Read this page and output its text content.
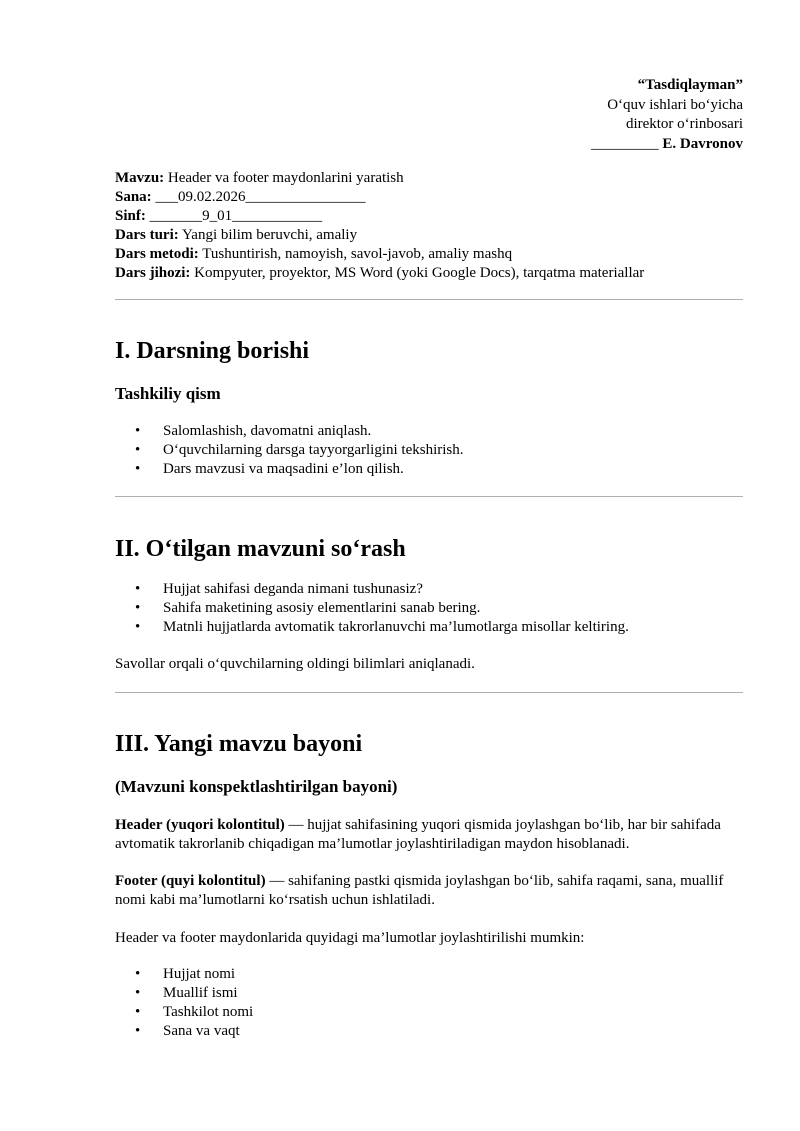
“Tasdiqlayman”
O‘quv ishlari bo‘yicha
direktor o‘rinbosari
_________ E. Davronov
Mavzu: Header va footer maydonlarini yaratish
Sana: ___09.02.2026________________
Sinf: _______9_01____________
Dars turi: Yangi bilim beruvchi, amaliy
Dars metodi: Tushuntirish, namoyish, savol-javob, amaliy mashq
Dars jihozi: Kompyuter, proyektor, MS Word (yoki Google Docs), tarqatma materiallar
I. Darsning borishi
Tashkiliy qism
• Salomlashish, davomatni aniqlash.
• O‘quvchilarning darsga tayyorgarligini tekshirish.
• Dars mavzusi va maqsadini e’lon qilish.
II. O‘tilgan mavzuni so‘rash
• Hujjat sahifasi deganda nimani tushunasiz?
• Sahifa maketining asosiy elementlarini sanab bering.
• Matnli hujjatlarda avtomatik takrorlanuvchi ma’lumotlarga misollar keltiring.

Savollar orqali o‘quvchilarning oldingi bilimlari aniqlanadi.

III. Yangi mavzu bayoni
(Mavzuni konspektlashtirilgan bayoni)

Header (yuqori kolontitul) — hujjat sahifasining yuqori qismida joylashgan bo‘lib, har bir sahifada avtomatik takrorlanib chiqadigan ma’lumotlar joylashtiriladigan maydon hisoblanadi.

Footer (quyi kolontitul) — sahifaning pastki qismida joylashgan bo‘lib, sahifa raqami, sana, muallif nomi kabi ma’lumotlarni ko‘rsatish uchun ishlatiladi.

Header va footer maydonlarida quyidagi ma’lumotlar joylashtirilishi mumkin:

• Hujjat nomi
• Muallif ismi
• Tashkilot nomi
• Sana va vaqt
